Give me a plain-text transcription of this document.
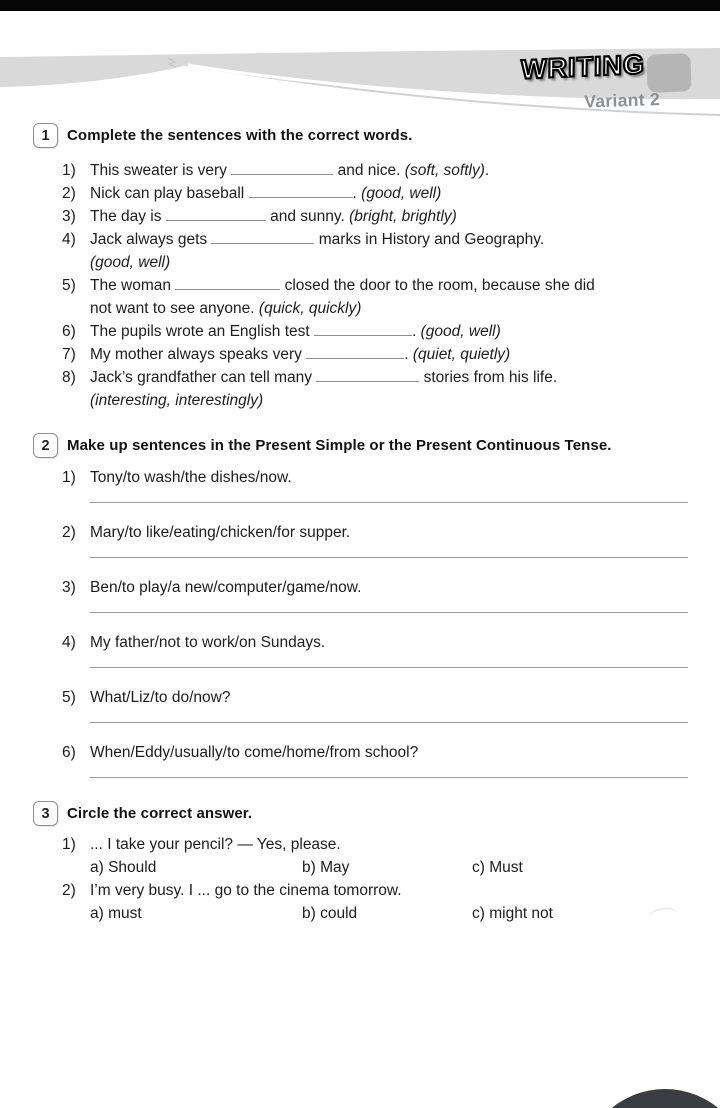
WRITING
Variant 2
1	Complete the sentences with the correct words.
1) This sweater is very	and nice. (soft, softly).
2) Nick can play baseball	. (good, well)
3) The day is	and sunny. (bright, brightly)
4) Jack always gets	marks in History and Geography.
(good, well)
5) The woman	closed the door to the room, because she did
not want to see anyone. (quick, quickly)
6) The pupils wrote an English test	. (good, well)
7) My mother always speaks very	. (quiet, quietly)
8) Jack’s grandfather can tell many	stories from his life.
(interesting, interestingly)
2	Make up sentences in the Present Simple or the Present Continuous Tense.
1) Tony/to wash/the dishes/now.
2) Mary/to like/eating/chicken/for supper.
3) Ben/to play/a new/computer/game/now.
4) My father/not to work/on Sundays.
5) What/Liz/to do/now?
6) When/Eddy/usually/to come/home/from school?
3	Circle the correct answer.
1) ... I take your pencil? — Yes, please.
a) Should	b) May	c) Must
2) I’m very busy. I ... go to the cinema tomorrow.
a) must	b) could	c) might not
